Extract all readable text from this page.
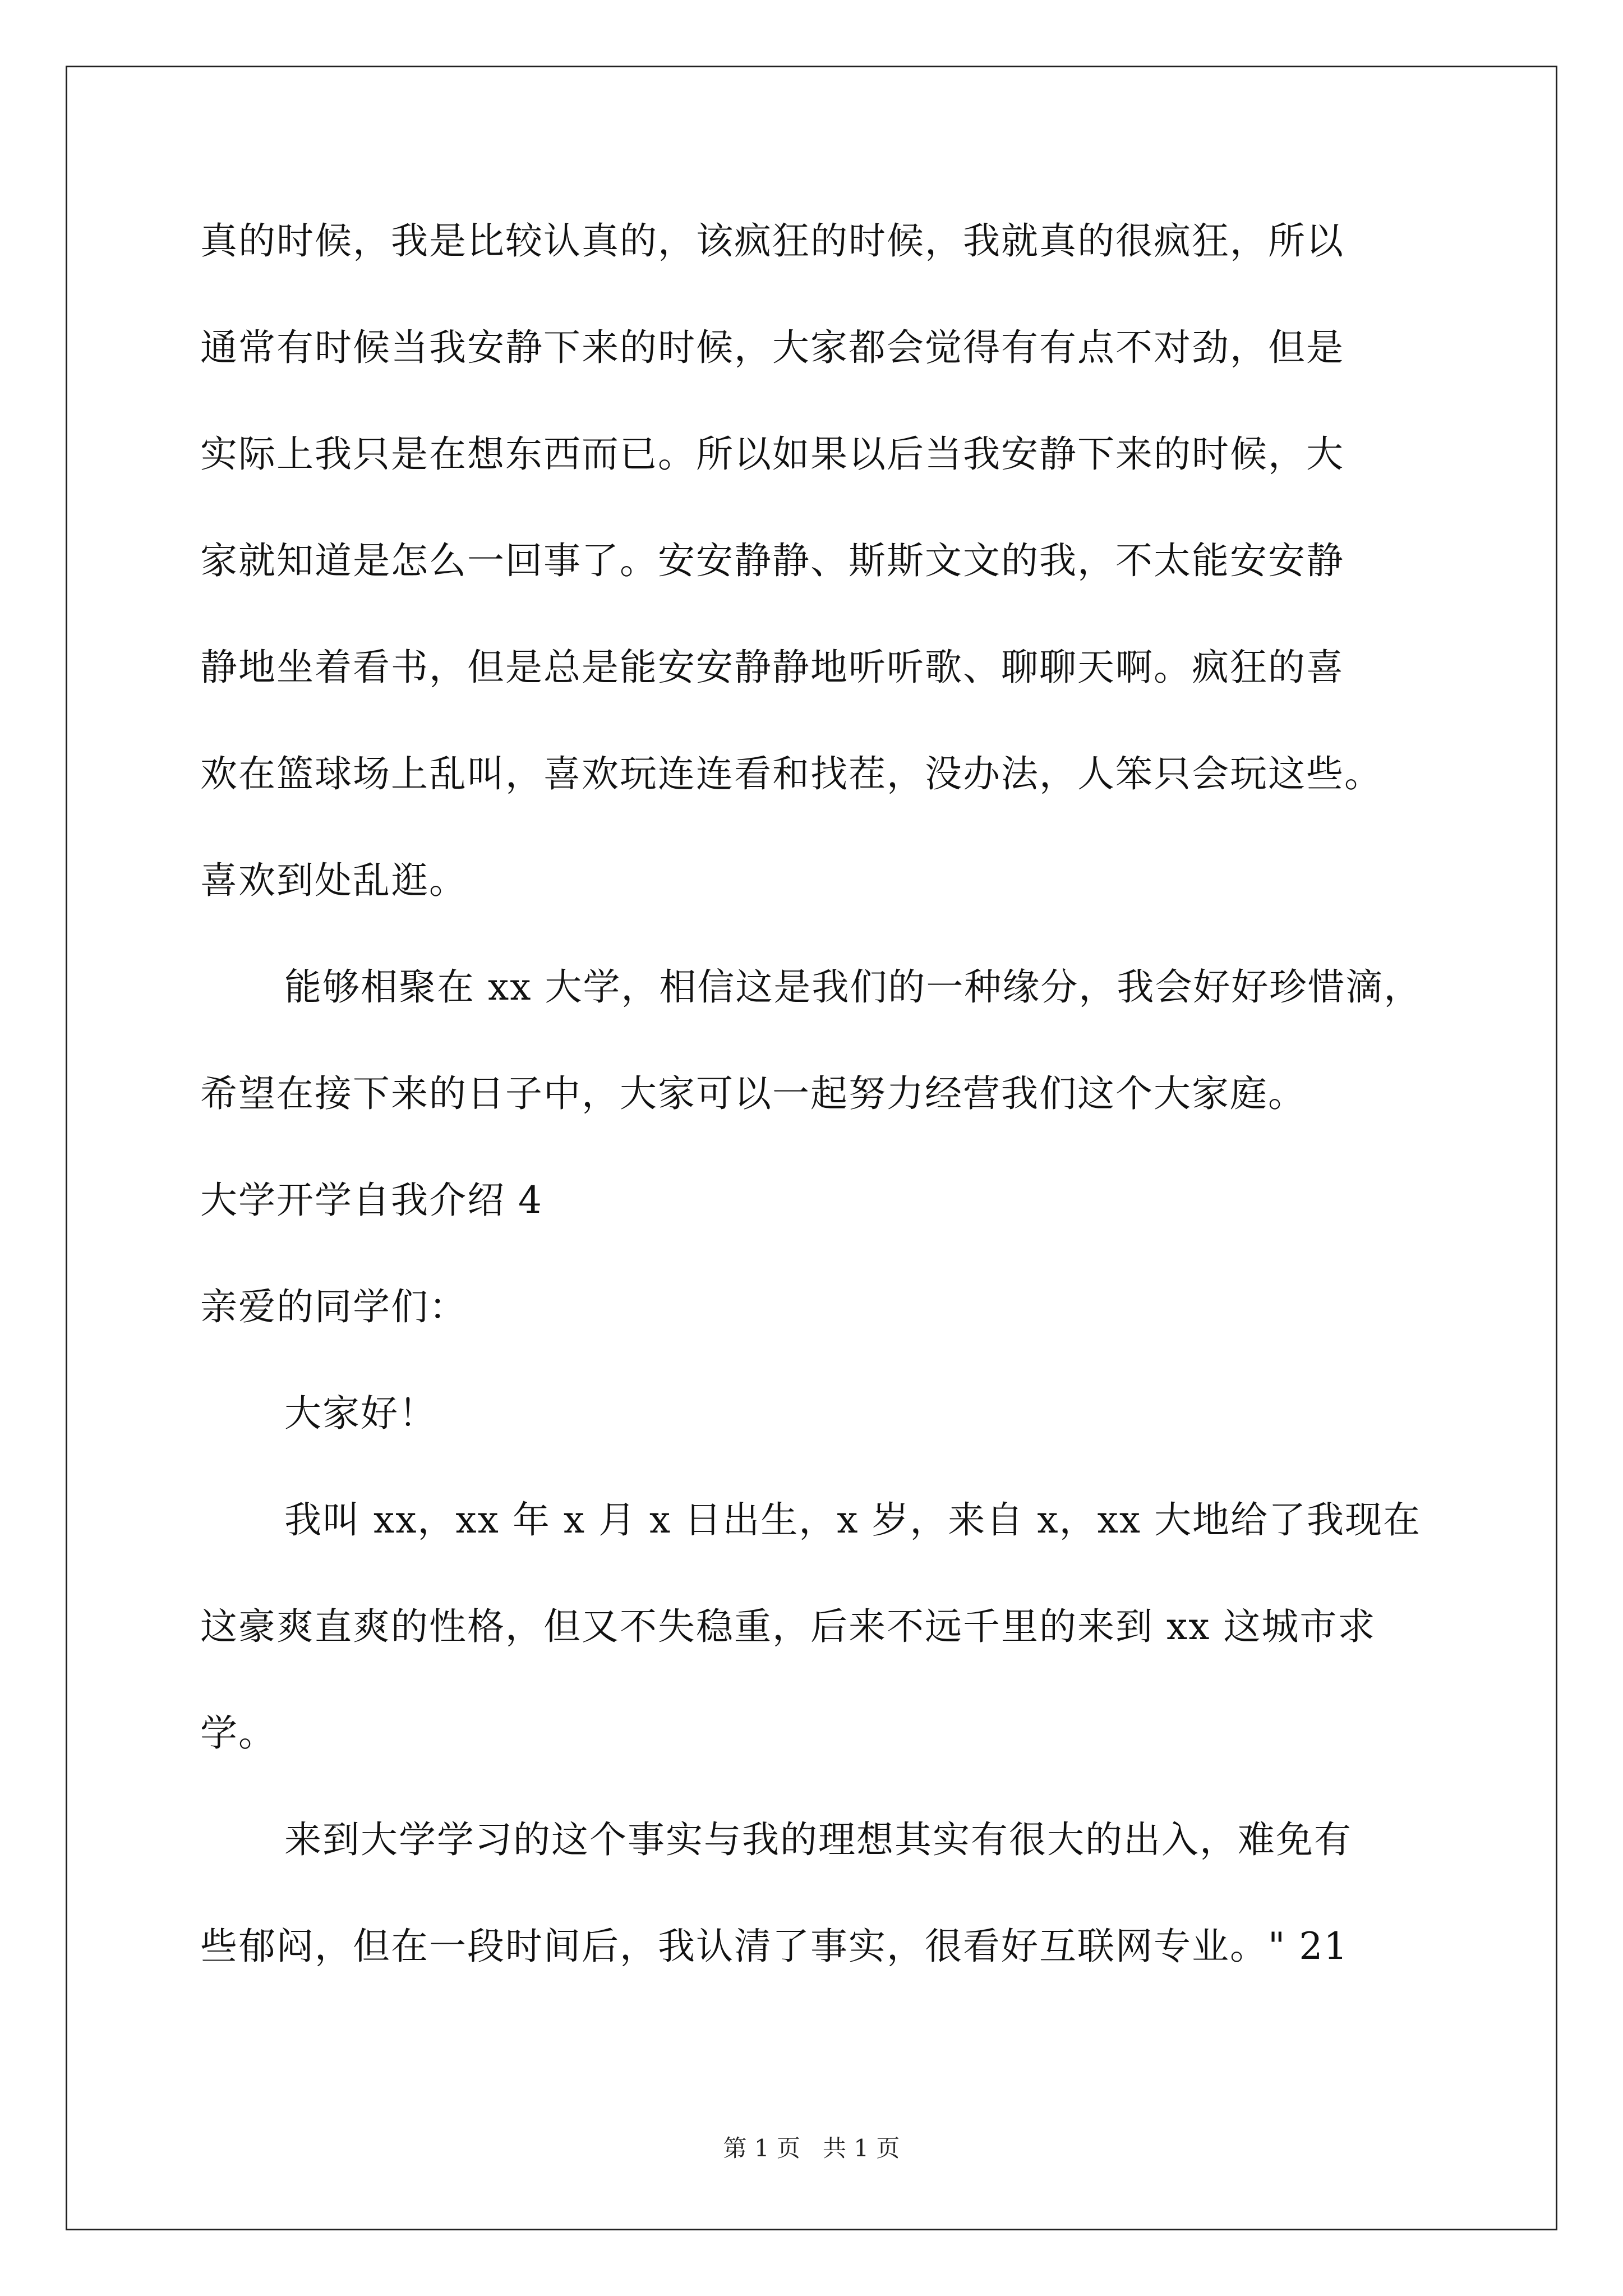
真的时候，我是比较认真的，该疯狂的时候，我就真的很疯狂，所以
通常有时候当我安静下来的时候，大家都会觉得有有点不对劲，但是
实际上我只是在想东西而已。所以如果以后当我安静下来的时候，大
家就知道是怎么一回事了。安安静静、斯斯文文的我，不太能安安静
静地坐着看书，但是总是能安安静静地听听歌、聊聊天啊。疯狂的喜
欢在篮球场上乱叫，喜欢玩连连看和找茬，没办法，人笨只会玩这些。
喜欢到处乱逛。
能够相聚在 xx 大学，相信这是我们的一种缘分，我会好好珍惜滴，
希望在接下来的日子中，大家可以一起努力经营我们这个大家庭。
大学开学自我介绍 4
亲爱的同学们：
大家好！
我叫 xx，xx 年 x 月 x 日出生，x 岁，来自 x，xx 大地给了我现在
这豪爽直爽的性格，但又不失稳重，后来不远千里的来到 xx 这城市求
学。
来到大学学习的这个事实与我的理想其实有很大的出入，难免有
些郁闷，但在一段时间后，我认清了事实，很看好互联网专业。" 21
第 1 页 共 1 页
